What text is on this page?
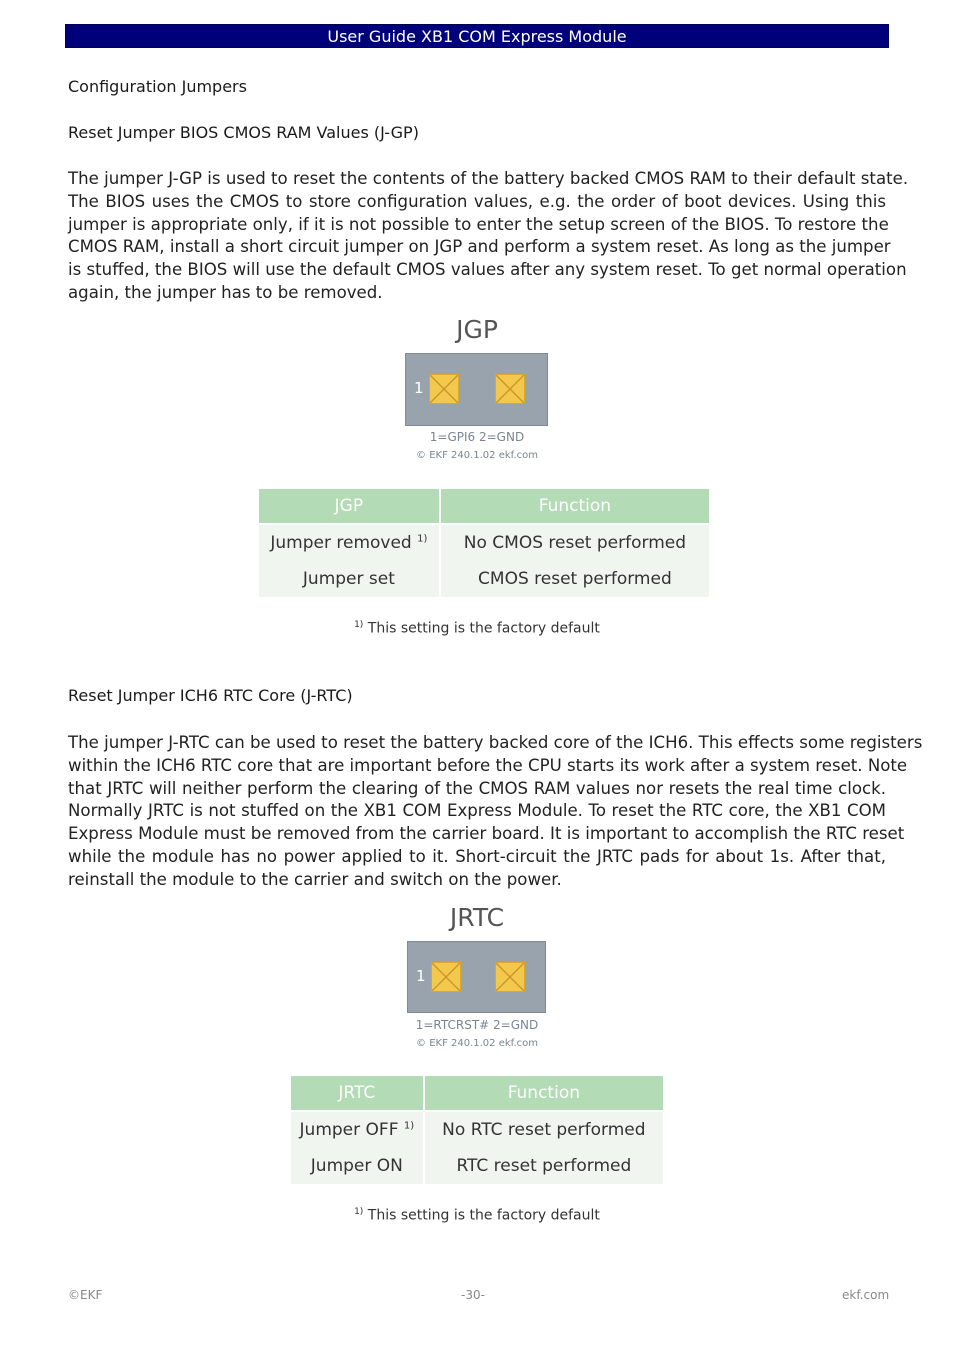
User Guide XB1 COM Express Module
Configuration Jumpers
Reset Jumper BIOS CMOS RAM Values (J-GP)
The jumper J-GP is used to reset the contents of the battery backed CMOS RAM to their default state.
The BIOS uses the CMOS to store configuration values, e.g. the order of boot devices. Using this
jumper is appropriate only, if it is not possible to enter the setup screen of the BIOS. To restore the
CMOS RAM, install a short circuit jumper on JGP and perform a system reset. As long as the jumper
is stuffed, the BIOS will use the default CMOS values after any system reset. To get normal operation
again, the jumper has to be removed.
JGP
1
1=GPI6 2=GND
© EKF 240.1.02 ekf.com
JGP	Function
Jumper removed $^{1)}$	No CMOS reset performed
Jumper set	CMOS reset performed
$^{1)}$ This setting is the factory default
Reset Jumper ICH6 RTC Core (J-RTC)
The jumper J-RTC can be used to reset the battery backed core of the ICH6. This effects some registers
within the ICH6 RTC core that are important before the CPU starts its work after a system reset. Note
that JRTC will neither perform the clearing of the CMOS RAM values nor resets the real time clock.
Normally JRTC is not stuffed on the XB1 COM Express Module. To reset the RTC core, the XB1 COM
Express Module must be removed from the carrier board. It is important to accomplish the RTC reset
while the module has no power applied to it. Short-circuit the JRTC pads for about 1s. After that,
reinstall the module to the carrier and switch on the power.
JRTC
1
1=RTCRST# 2=GND
© EKF 240.1.02 ekf.com
JRTC	Function
Jumper OFF $^{1)}$	No RTC reset performed
Jumper ON	RTC reset performed
$^{1)}$ This setting is the factory default
©EKF	-30-	ekf.com
